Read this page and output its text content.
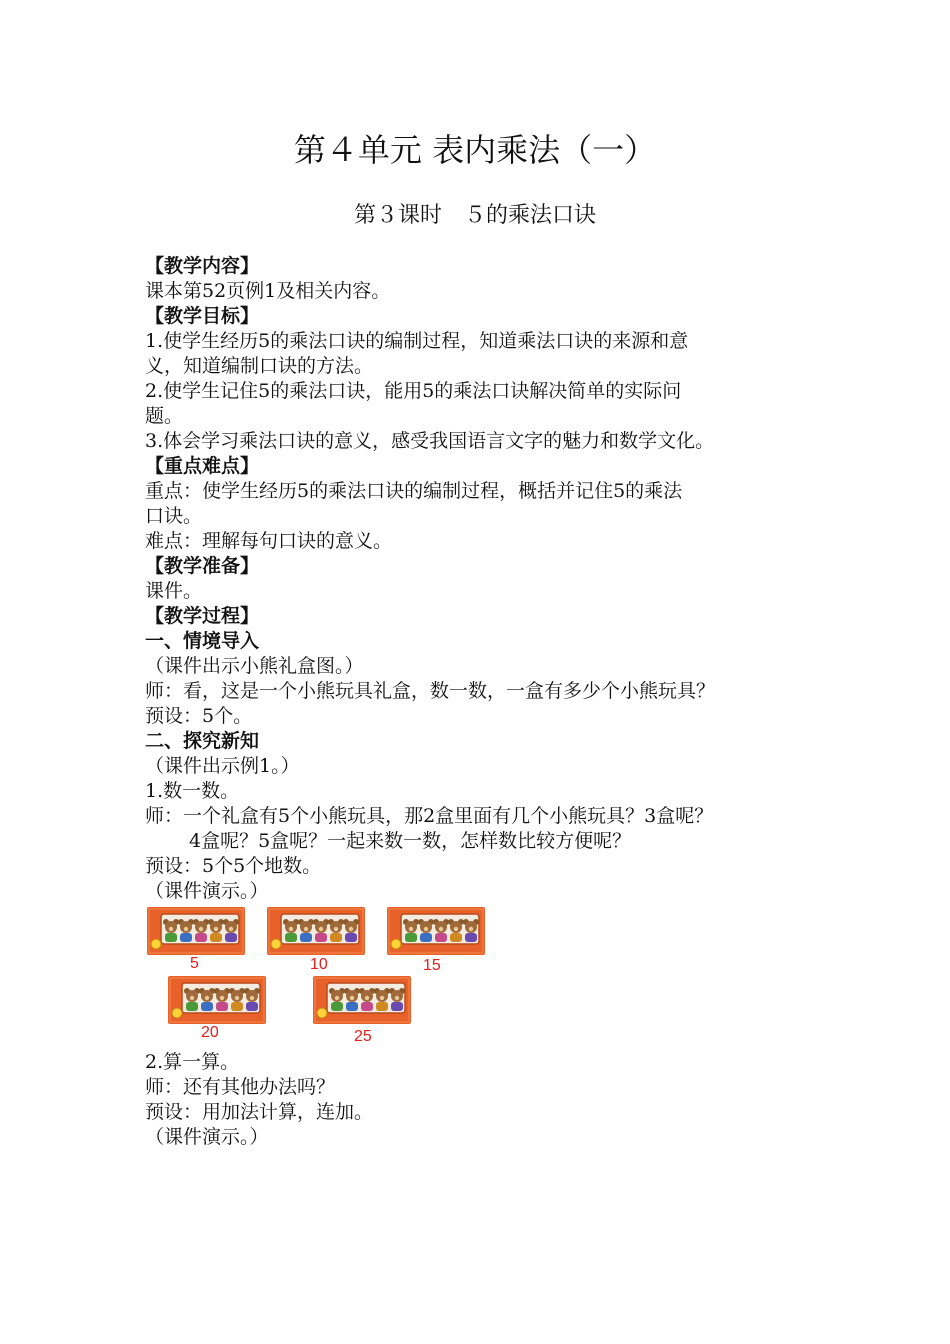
第４单元 表内乘法（一）
第３课时　５的乘法口诀
【教学内容】
课本第52页例1及相关内容。
【教学目标】
1.使学生经历5的乘法口诀的编制过程，知道乘法口诀的来源和意
义，知道编制口诀的方法。
2.使学生记住5的乘法口诀，能用5的乘法口诀解决简单的实际问
题。
3.体会学习乘法口诀的意义，感受我国语言文字的魅力和数学文化。
【重点难点】
重点：使学生经历5的乘法口诀的编制过程，概括并记住5的乘法
口诀。
难点：理解每句口诀的意义。
【教学准备】
课件。
【教学过程】
一、情境导入
（课件出示小熊礼盒图。）
师：看，这是一个小熊玩具礼盒，数一数，一盒有多少个小熊玩具？
预设：5个。
二、探究新知
（课件出示例1。）
1.数一数。
师：一个礼盒有5个小熊玩具，那2盒里面有几个小熊玩具？3盒呢？
4盒呢？5盒呢？一起来数一数，怎样数比较方便呢？
预设：5个5个地数。
（课件演示。）
5	10	15
20	25
2.算一算。
师：还有其他办法吗？
预设：用加法计算，连加。
（课件演示。）
